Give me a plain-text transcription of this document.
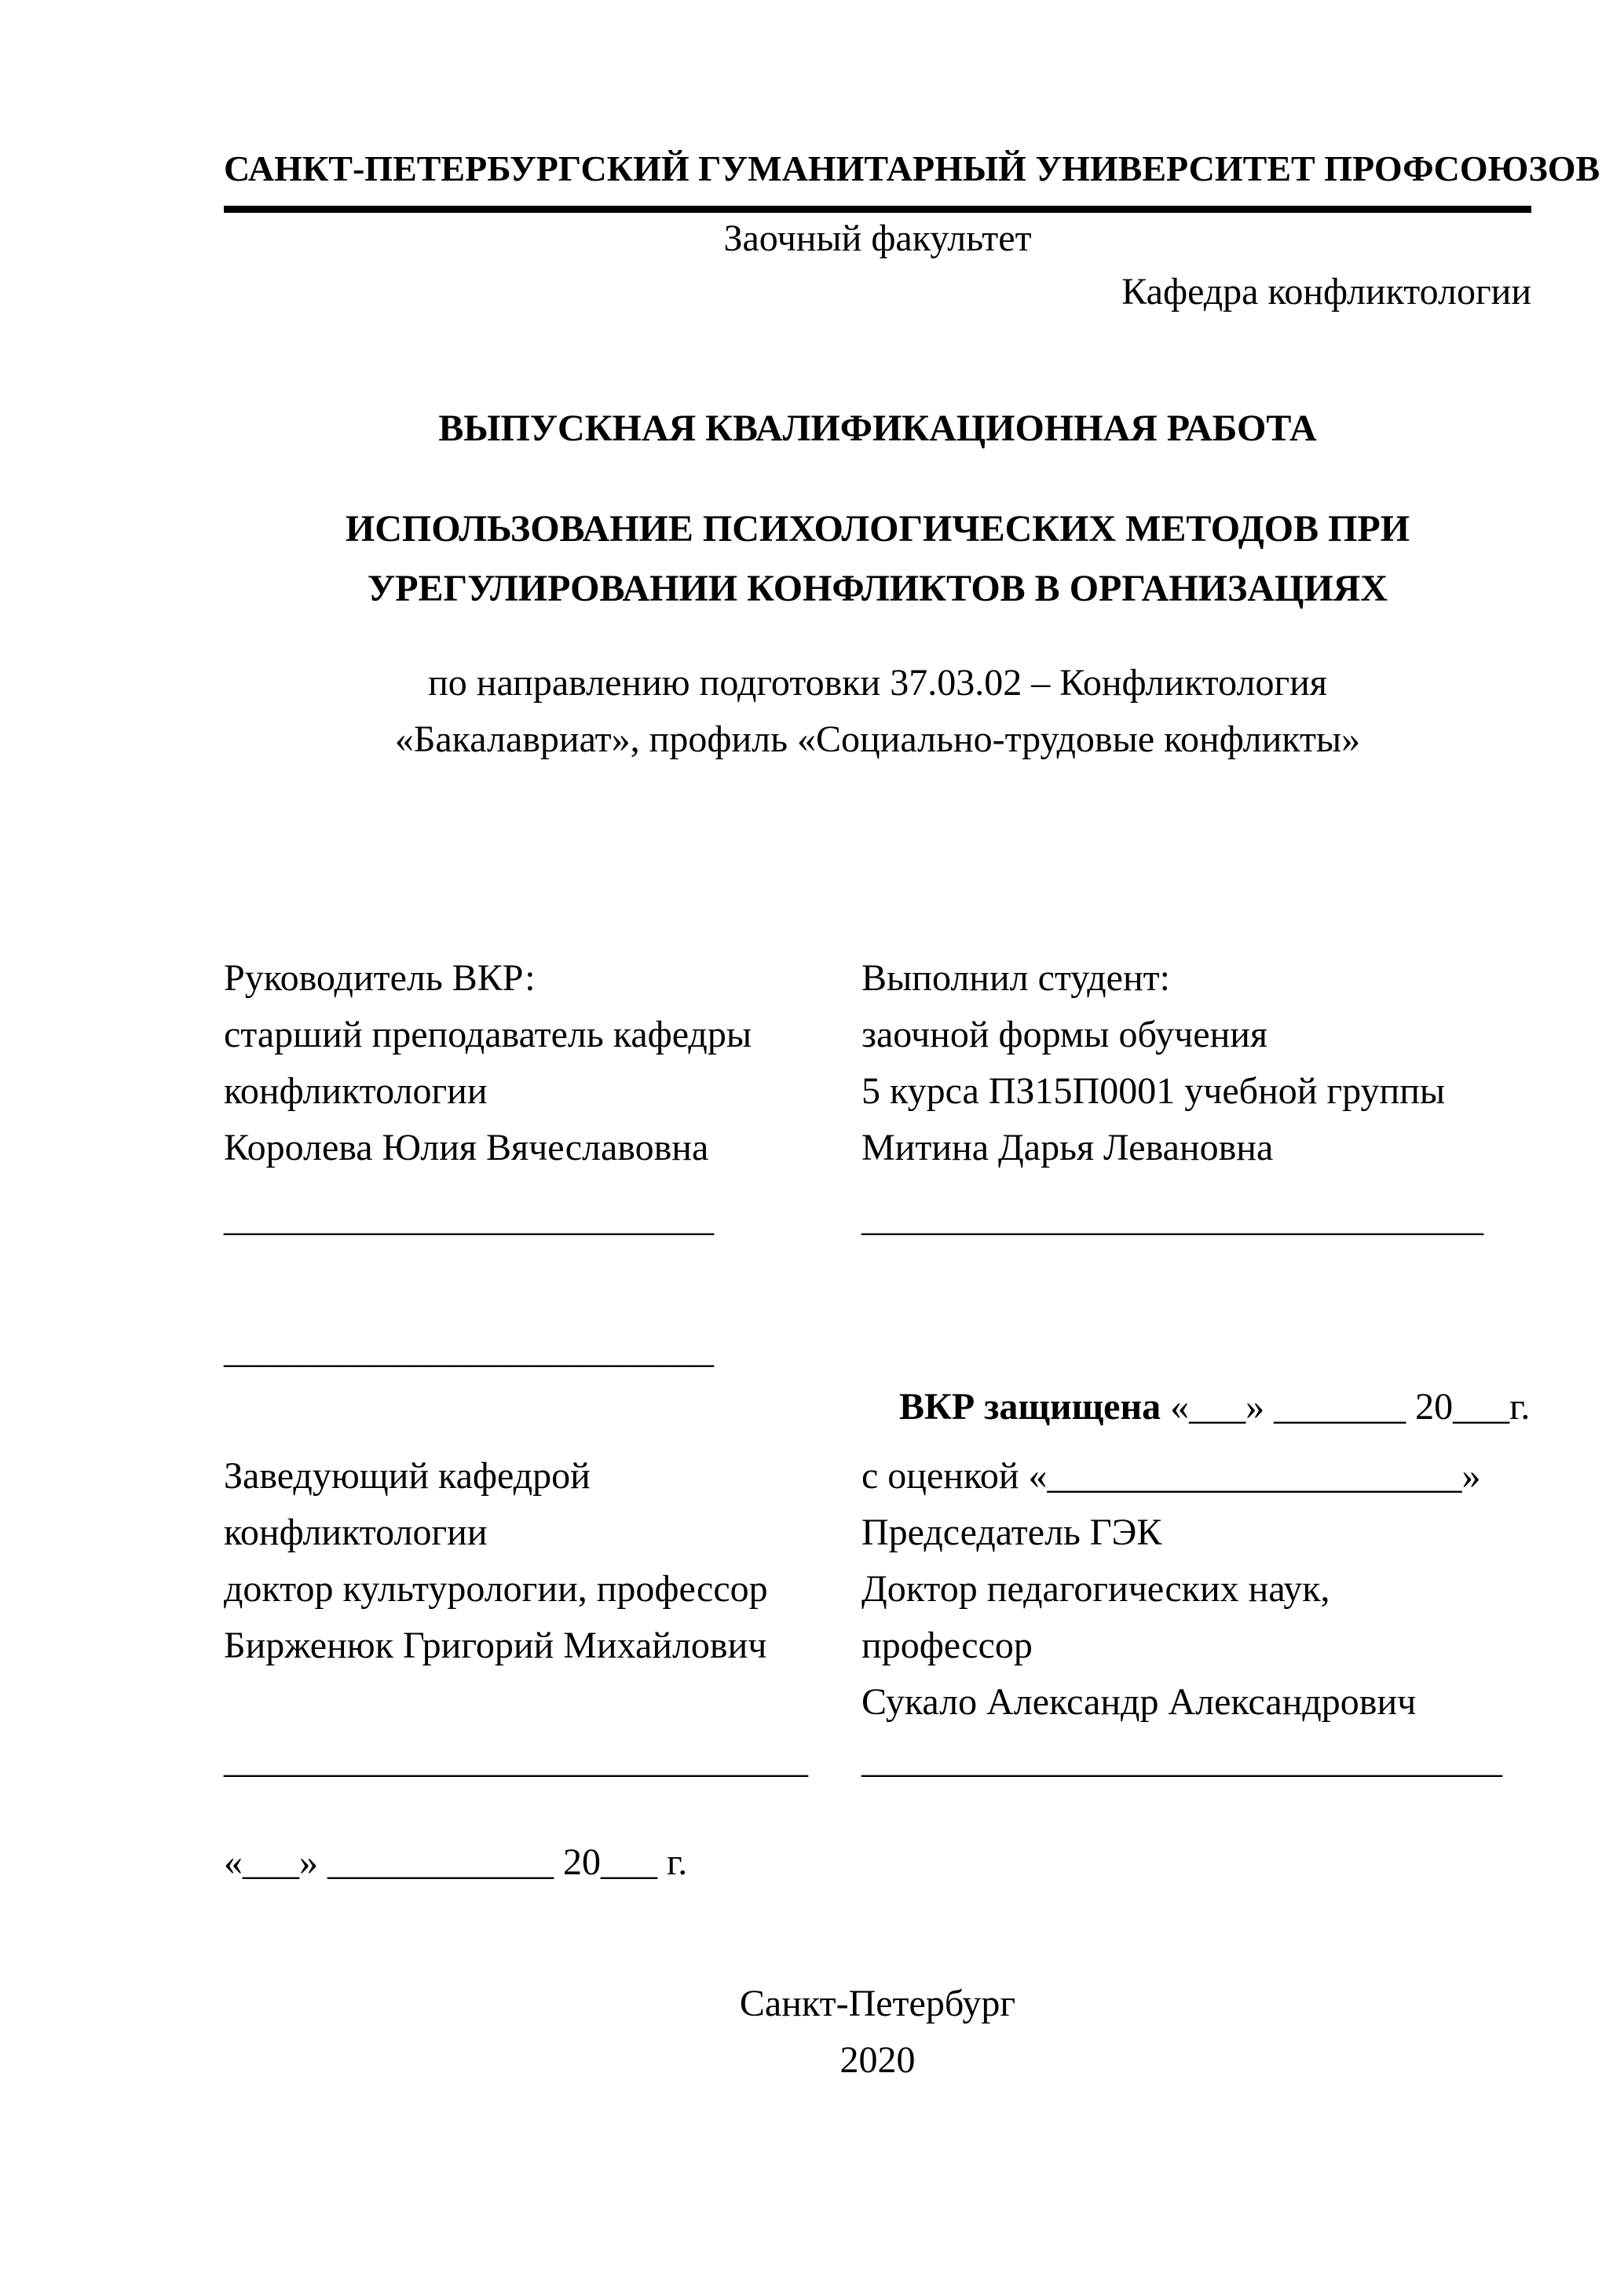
САНКТ-ПЕТЕРБУРГСКИЙ ГУМАНИТАРНЫЙ УНИВЕРСИТЕТ ПРОФСОЮЗОВ
Заочный факультет
Кафедра конфликтологии
ВЫПУСКНАЯ КВАЛИФИКАЦИОННАЯ РАБОТА
ИСПОЛЬЗОВАНИЕ ПСИХОЛОГИЧЕСКИХ МЕТОДОВ ПРИ
УРЕГУЛИРОВАНИИ КОНФЛИКТОВ В ОРГАНИЗАЦИЯХ
по направлению подготовки 37.03.02 – Конфликтология
«Бакалавриат», профиль «Социально-трудовые конфликты»
Руководитель ВКР:
старший преподаватель кафедры
конфликтологии
Королева Юлия Вячеславовна
Выполнил студент:
заочной формы обучения
5 курса ПЗ15П0001 учебной группы
Митина Дарья Левановна
__________________________	_________________________________
__________________________

ВКР защищена «___» _______ 20___г.

Заведующий кафедрой
конфликтологии
доктор культурологии, профессор
Бирженюк Григорий Михайлович
с оценкой «______________________»
Председатель ГЭК
Доктор педагогических наук,
профессор
Сукало Александр Александрович
_______________________________	__________________________________
«___» ____________ 20___ г.
Санкт-Петербург
2020
